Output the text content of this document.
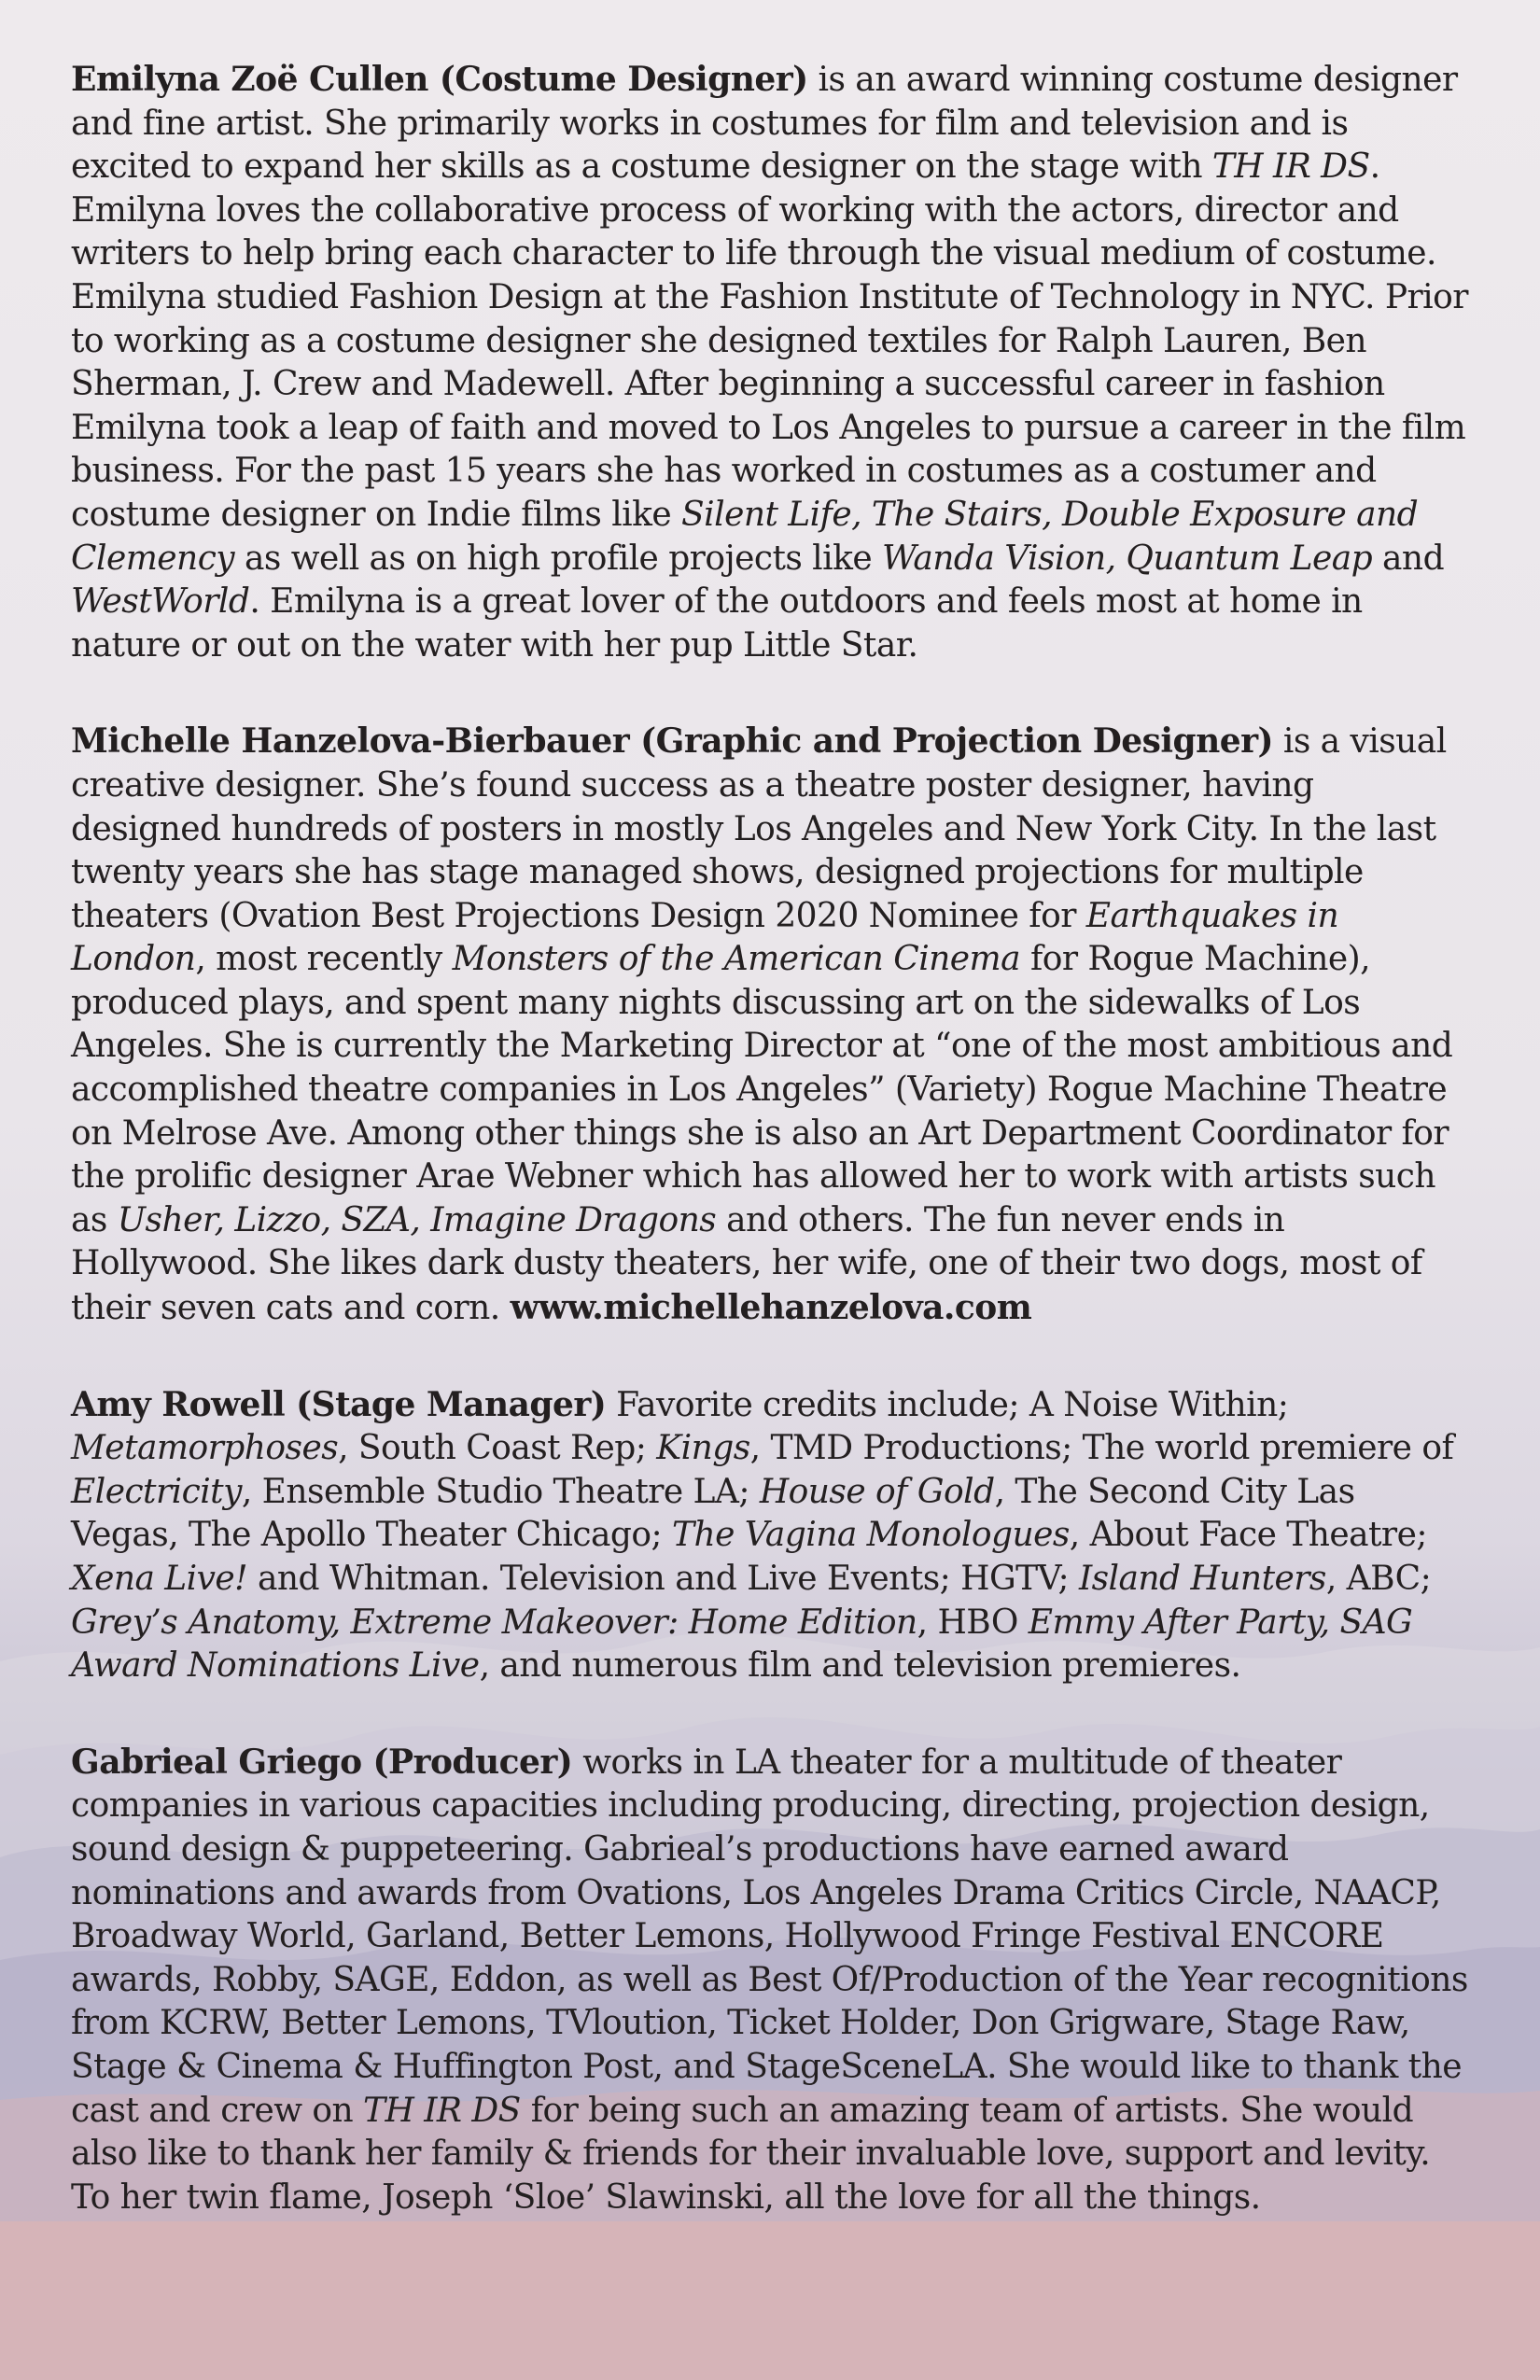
Emilyna Zoë Cullen (Costume Designer) is an award winning costume designer and fine artist. She primarily works in costumes for film and television and is excited to expand her skills as a costume designer on the stage with TH IR DS. Emilyna loves the collaborative process of working with the actors, director and writers to help bring each character to life through the visual medium of costume. Emilyna studied Fashion Design at the Fashion Institute of Technology in NYC. Prior to working as a costume designer she designed textiles for Ralph Lauren, Ben Sherman, J. Crew and Madewell. After beginning a successful career in fashion Emilyna took a leap of faith and moved to Los Angeles to pursue a career in the film business. For the past 15 years she has worked in costumes as a costumer and costume designer on Indie films like Silent Life, The Stairs, Double Exposure and Clemency as well as on high profile projects like Wanda Vision, Quantum Leap and WestWorld. Emilyna is a great lover of the outdoors and feels most at home in nature or out on the water with her pup Little Star.

Michelle Hanzelova-Bierbauer (Graphic and Projection Designer) is a visual creative designer. She’s found success as a theatre poster designer, having designed hundreds of posters in mostly Los Angeles and New York City. In the last twenty years she has stage managed shows, designed projections for multiple theaters (Ovation Best Projections Design 2020 Nominee for Earthquakes in London, most recently Monsters of the American Cinema for Rogue Machine), produced plays, and spent many nights discussing art on the sidewalks of Los Angeles. She is currently the Marketing Director at “one of the most ambitious and accomplished theatre companies in Los Angeles” (Variety) Rogue Machine Theatre on Melrose Ave. Among other things she is also an Art Department Coordinator for the prolific designer Arae Webner which has allowed her to work with artists such as Usher, Lizzo, SZA, Imagine Dragons and others. The fun never ends in Hollywood. She likes dark dusty theaters, her wife, one of their two dogs, most of their seven cats and corn. www.michellehanzelova.com

Amy Rowell (Stage Manager) Favorite credits include; A Noise Within; Metamorphoses, South Coast Rep; Kings, TMD Productions; The world premiere of Electricity, Ensemble Studio Theatre LA; House of Gold, The Second City Las Vegas, The Apollo Theater Chicago; The Vagina Monologues, About Face Theatre; Xena Live! and Whitman. Television and Live Events; HGTV; Island Hunters, ABC; Grey’s Anatomy, Extreme Makeover: Home Edition, HBO Emmy After Party, SAG Award Nominations Live, and numerous film and television premieres.

Gabrieal Griego (Producer) works in LA theater for a multitude of theater companies in various capacities including producing, directing, projection design, sound design & puppeteering. Gabrieal’s productions have earned award nominations and awards from Ovations, Los Angeles Drama Critics Circle, NAACP, Broadway World, Garland, Better Lemons, Hollywood Fringe Festival ENCORE awards, Robby, SAGE, Eddon, as well as Best Of/Production of the Year recognitions from KCRW, Better Lemons, TVloution, Ticket Holder, Don Grigware, Stage Raw, Stage & Cinema & Huffington Post, and StageSceneLA. She would like to thank the cast and crew on TH IR DS for being such an amazing team of artists. She would also like to thank her family & friends for their invaluable love, support and levity. To her twin flame, Joseph ‘Sloe’ Slawinski, all the love for all the things.
